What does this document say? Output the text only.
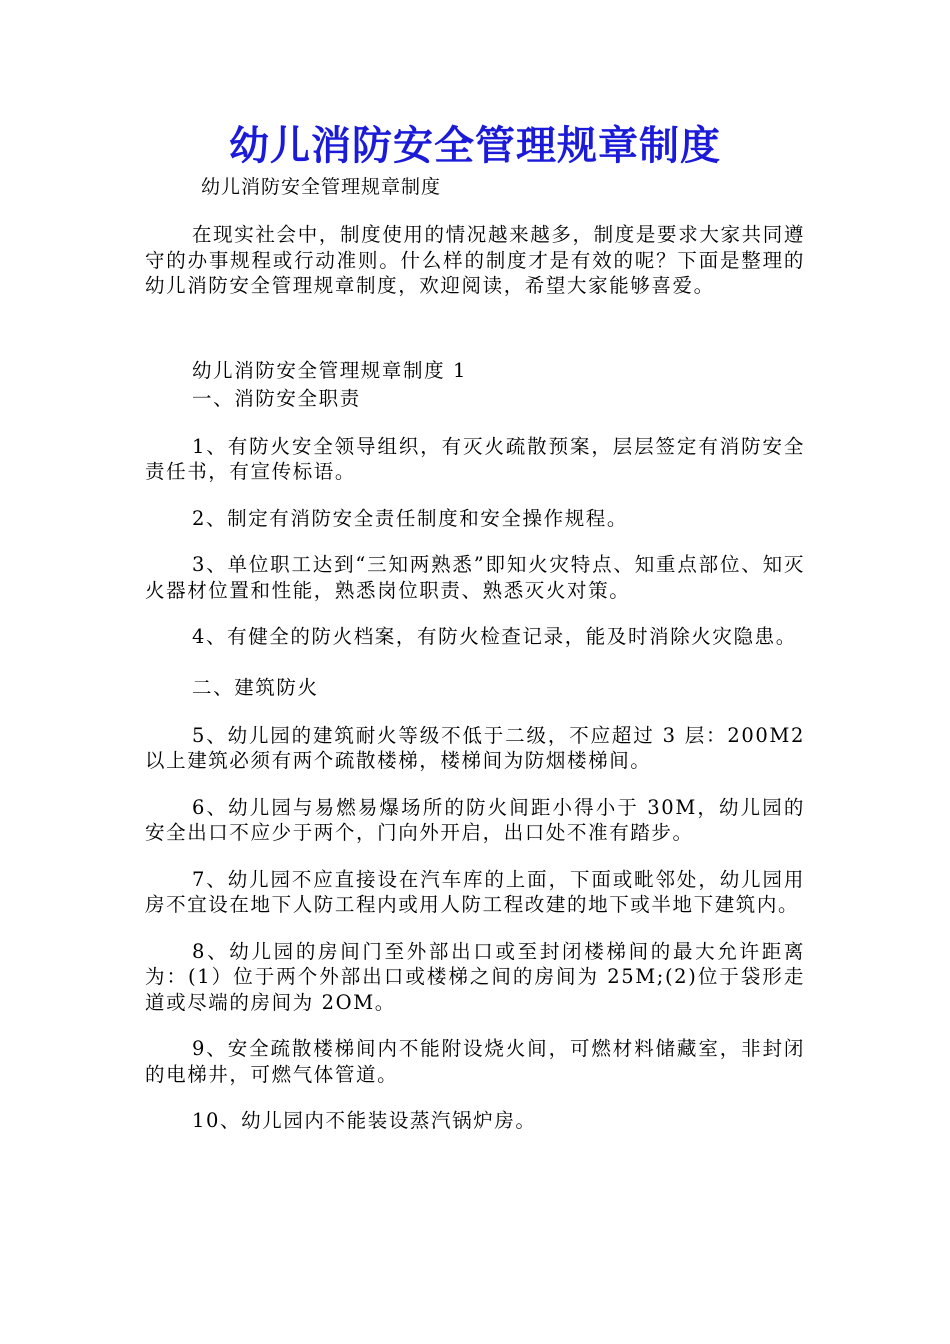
幼儿消防安全管理规章制度

幼儿消防安全管理规章制度

在现实社会中，制度使用的情况越来越多，制度是要求大家共同遵守的办事规程或行动准则。什么样的制度才是有效的呢？下面是整理的幼儿消防安全管理规章制度，欢迎阅读，希望大家能够喜爱。

幼儿消防安全管理规章制度 1

一、消防安全职责

1、有防火安全领导组织，有灭火疏散预案，层层签定有消防安全责任书，有宣传标语。

2、制定有消防安全责任制度和安全操作规程。

3、单位职工达到“三知两熟悉”即知火灾特点、知重点部位、知灭火器材位置和性能，熟悉岗位职责、熟悉灭火对策。

4、有健全的防火档案，有防火检查记录，能及时消除火灾隐患。

二、建筑防火

5、幼儿园的建筑耐火等级不低于二级，不应超过 3 层：200M2 以上建筑必须有两个疏散楼梯，楼梯间为防烟楼梯间。

6、幼儿园与易燃易爆场所的防火间距小得小于 30M，幼儿园的安全出口不应少于两个，门向外开启，出口处不准有踏步。

7、幼儿园不应直接设在汽车库的上面，下面或毗邻处，幼儿园用房不宜设在地下人防工程内或用人防工程改建的地下或半地下建筑内。

8、幼儿园的房间门至外部出口或至封闭楼梯间的最大允许距离为：(1）位于两个外部出口或楼梯之间的房间为 25M;(2)位于袋形走道或尽端的房间为 2OM。

9、安全疏散楼梯间内不能附设烧火间，可燃材料储藏室，非封闭的电梯井，可燃气体管道。

10、幼儿园内不能装设蒸汽锅炉房。
